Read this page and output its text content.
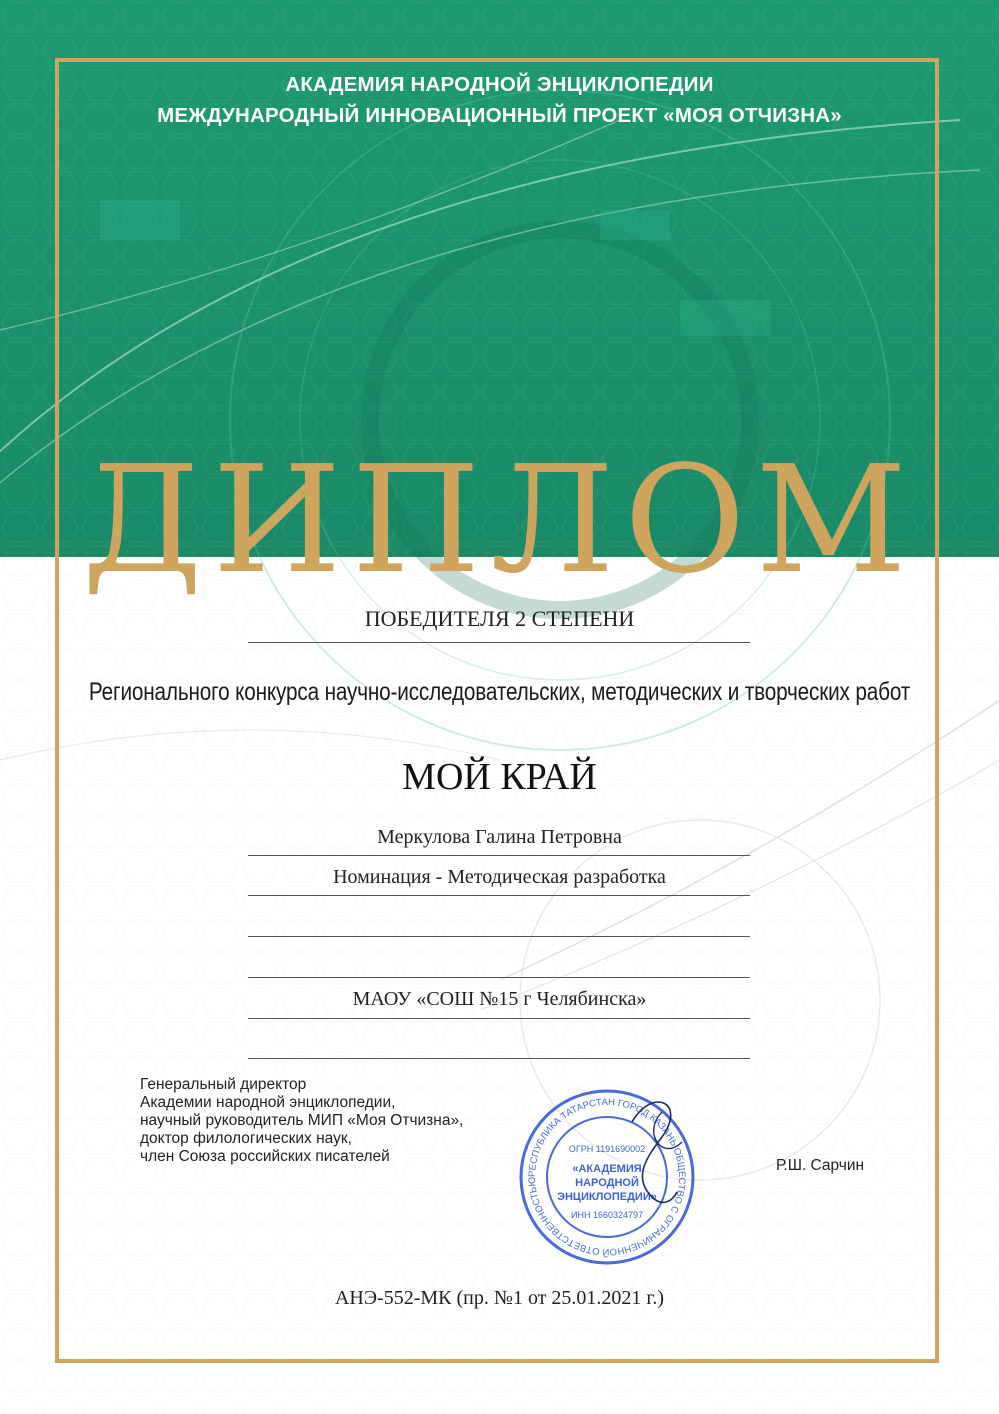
АКАДЕМИЯ НАРОДНОЙ ЭНЦИКЛОПЕДИИ
МЕЖДУНАРОДНЫЙ ИННОВАЦИОННЫЙ ПРОЕКТ «МОЯ ОТЧИЗНА»
ДИПЛОМ
ПОБЕДИТЕЛЯ 2 СТЕПЕНИ
Регионального конкурса научно-исследовательских, методических и творческих работ
МОЙ КРАЙ
Меркулова Галина Петровна
Номинация - Методическая разработка
МАОУ «СОШ №15 г Челябинска»
Генеральный директор
Академии народной энциклопедии,
научный руководитель МИП «Моя Отчизна»,
доктор филологических наук,
член Союза российских писателей
РЕСПУБЛИКА ТАТАРСТАН ГОРОД КАЗАНЬ ОБЩЕСТВО С ОГРАНИЧЕННОЙ ОТВЕТСТВЕННОСТЬЮ
ОГРН 1191690002
«АКАДЕМИЯ
НАРОДНОЙ
ЭНЦИКЛОПЕДИИ»
ИНН 1660324797
Р.Ш. Сарчин
АНЭ-552-МК (пр. №1 от 25.01.2021 г.)
